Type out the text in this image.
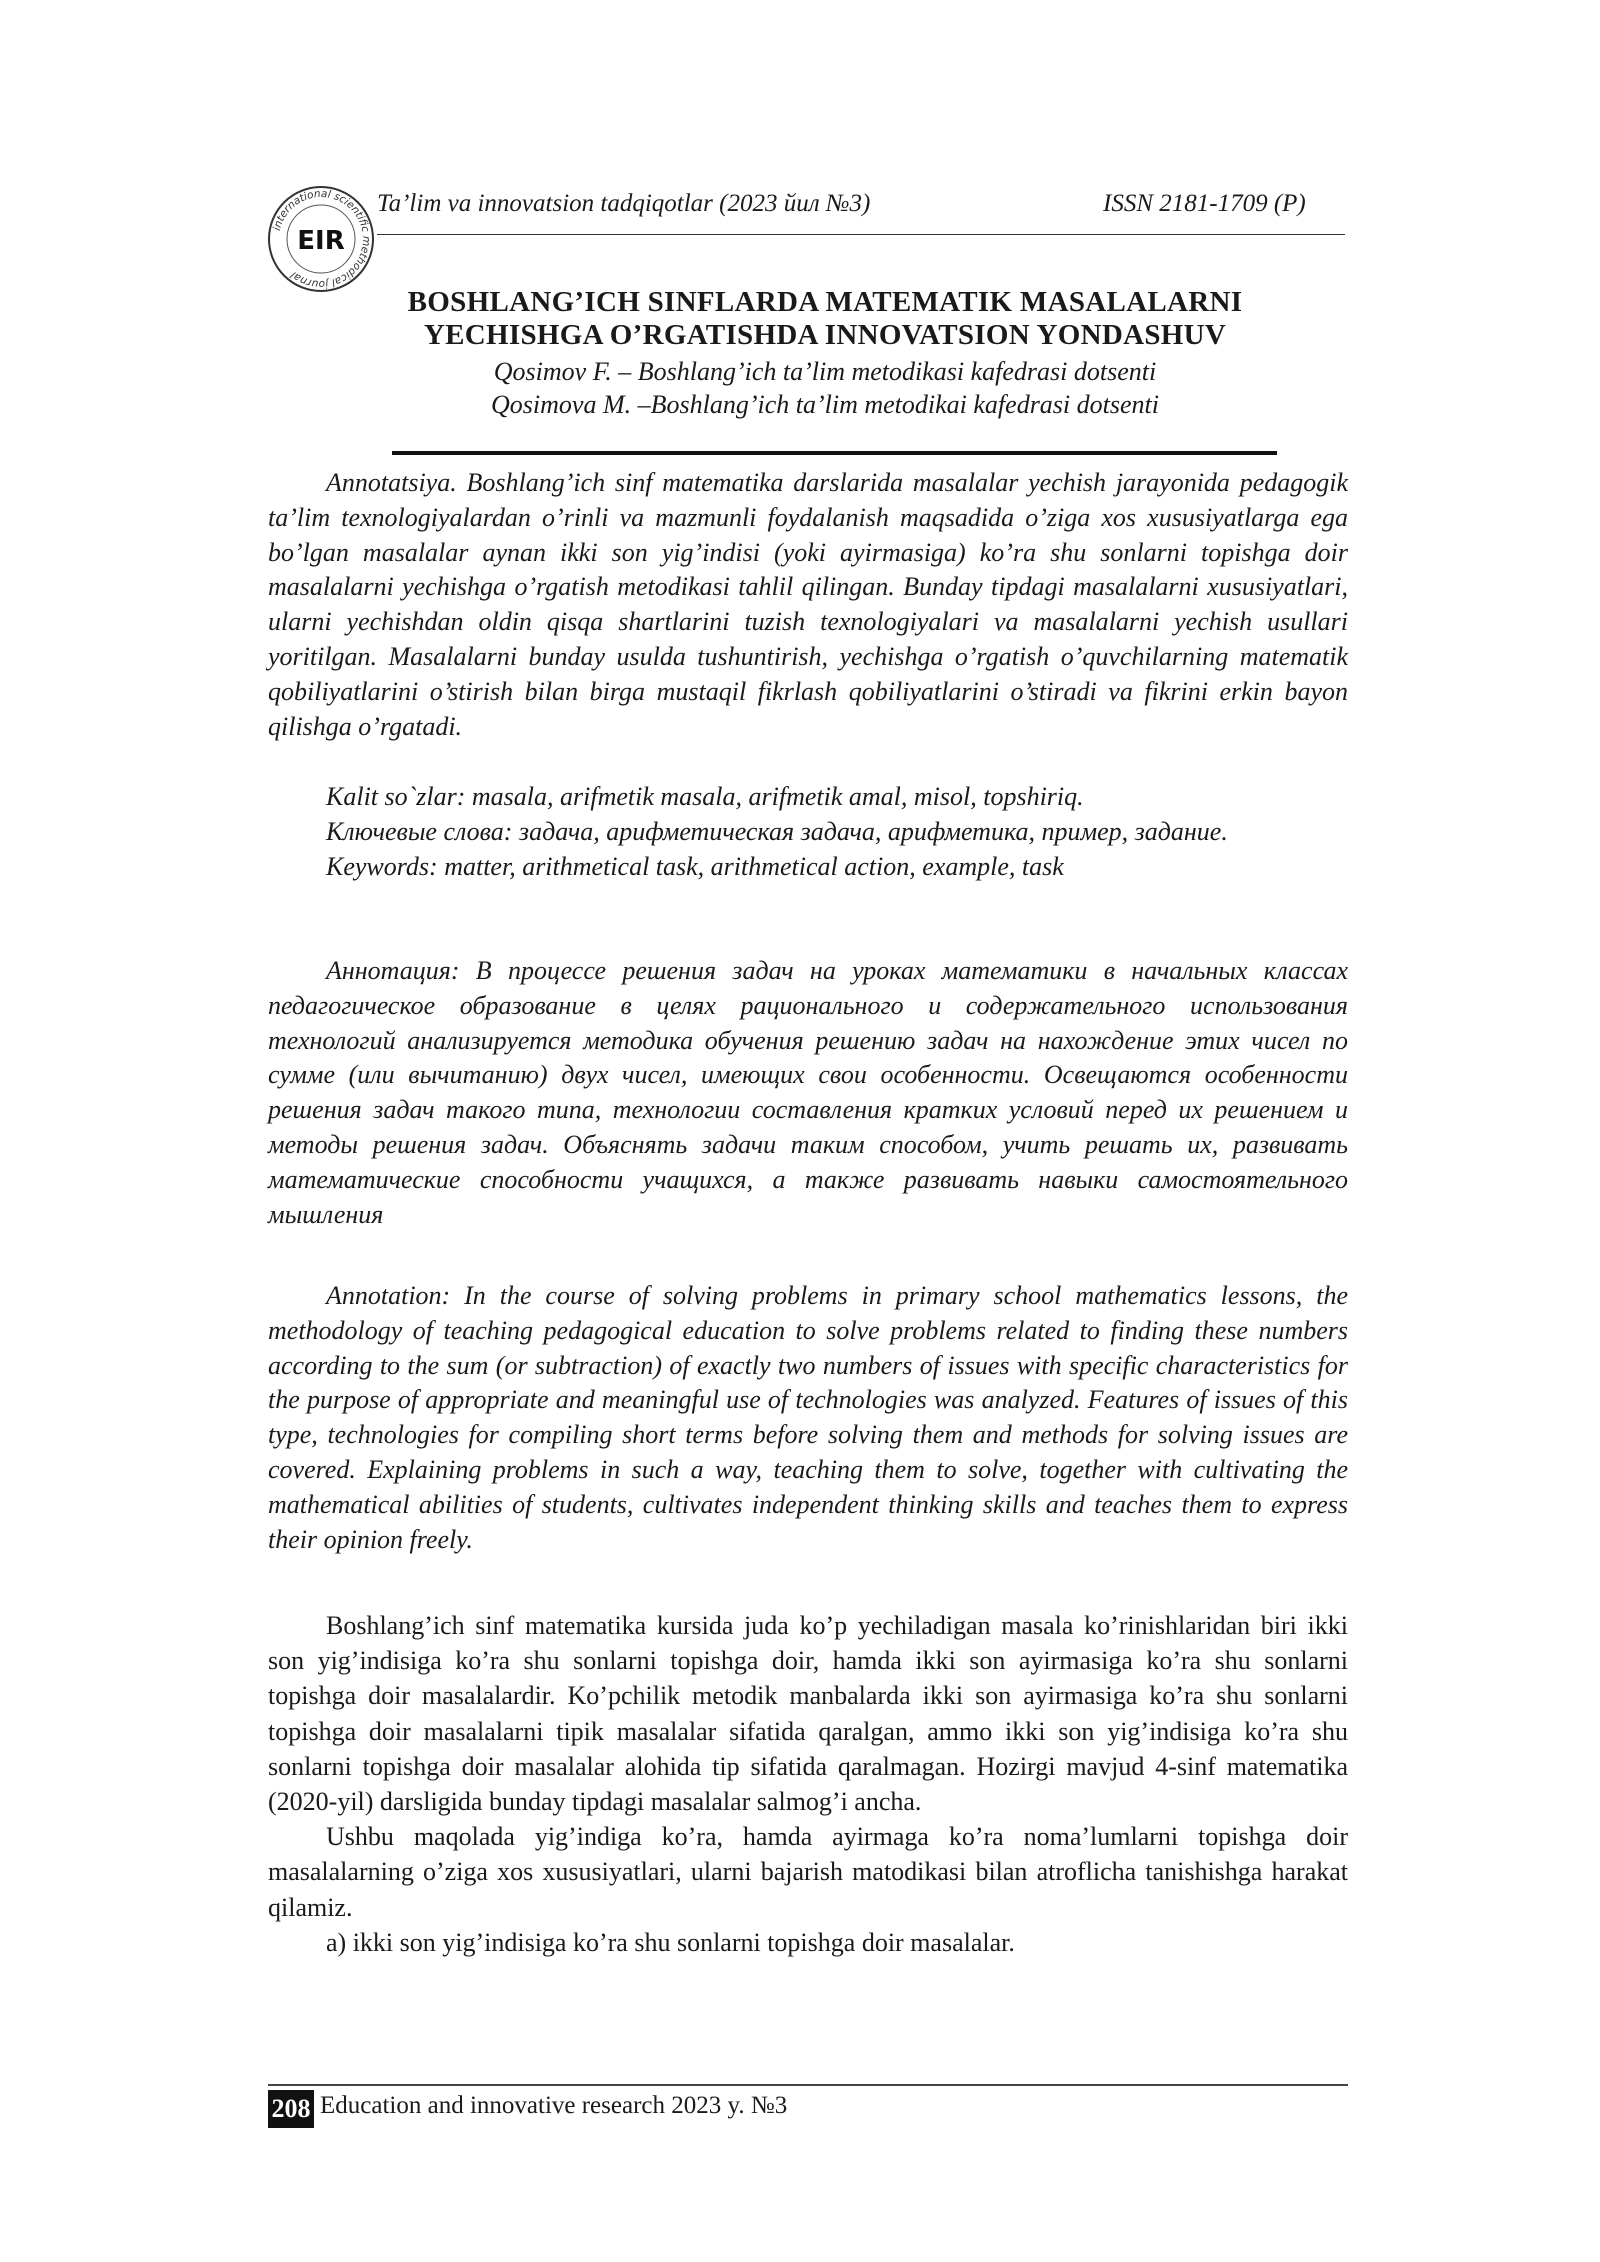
international scientific methodical journal
EIR
Ta’lim va innovatsion tadqiqotlar (2023 йил №3)	ISSN 2181-1709 (P)
BOSHLANG’ICH SINFLARDA MATEMATIK MASALALARNI
YECHISHGA O’RGATISHDA INNOVATSION YONDASHUV
Qosimov F. – Boshlang’ich ta’lim metodikasi kafedrasi dotsenti
Qosimova M. –Boshlang’ich ta’lim metodikai kafedrasi dotsenti

Annotatsiya. Boshlang’ich sinf matematika darslarida masalalar yechish jarayonida pedagogik ta’lim texnologiyalardan o’rinli va mazmunli foydalanish maqsadida o’ziga xos xususiyatlarga ega bo’lgan masalalar aynan ikki son yig’indisi (yoki ayirmasiga) ko’ra shu sonlarni topishga doir masalalarni yechishga o’rgatish metodikasi tahlil qilingan. Bunday tipdagi masalalarni xususiyatlari, ularni yechishdan oldin qisqa shartlarini tuzish texnologiyalari va masalalarni yechish usullari yoritilgan. Masalalarni bunday usulda tushuntirish, yechishga o’rgatish o’quvchilarning matematik qobiliyatlarini o’stirish bilan birga mustaqil fikrlash qobiliyatlarini o’stiradi va fikrini erkin bayon qilishga o’rgatadi.

Kalit so`zlar: masala, arifmetik masala, arifmetik amal, misol, topshiriq.

Ключевые слова: задача, арифметическая задача, арифметика, пример, задание.

Keywords: matter, arithmetical task, arithmetical action, example, task

Аннотация: В процессе решения задач на уроках математики в начальных классах педагогическое образование в целях рационального и содержательного использования технологий анализируется методика обучения решению задач на нахождение этих чисел по сумме (или вычитанию) двух чисел, имеющих свои особенности. Освещаются особенности решения задач такого типа, технологии составления кратких условий перед их решением и методы решения задач. Объяснять задачи таким способом, учить решать их, развивать математические способности учащихся, а также развивать навыки самостоятельного мышления

Annotation: In the course of solving problems in primary school mathematics lessons, the methodology of teaching pedagogical education to solve problems related to finding these numbers according to the sum (or subtraction) of exactly two numbers of issues with specific characteristics for the purpose of appropriate and meaningful use of technologies was analyzed. Features of issues of this type, technologies for compiling short terms before solving them and methods for solving issues are covered. Explaining problems in such a way, teaching them to solve, together with cultivating the mathematical abilities of students, cultivates independent thinking skills and teaches them to express their opinion freely.

Boshlang’ich sinf matematika kursida juda ko’p yechiladigan masala ko’rinishlaridan biri ikki son yig’indisiga ko’ra shu sonlarni topishga doir, hamda ikki son ayirmasiga ko’ra shu sonlarni topishga doir masalalardir. Ko’pchilik metodik manbalarda ikki son ayirmasiga ko’ra shu sonlarni topishga doir masalalarni tipik masalalar sifatida qaralgan, ammo ikki son yig’indisiga ko’ra shu sonlarni topishga doir masalalar alohida tip sifatida qaralmagan. Hozirgi mavjud 4-sinf matematika (2020-yil) darsligida bunday tipdagi masalalar salmog’i ancha.

Ushbu maqolada yig’indiga ko’ra, hamda ayirmaga ko’ra noma’lumlarni topishga doir masalalarning o’ziga xos xususiyatlari, ularni bajarish matodikasi bilan atroflicha tanishishga harakat qilamiz.

a) ikki son yig’indisiga ko’ra shu sonlarni topishga doir masalalar.

208 Education and innovative research 2023 y. №3
